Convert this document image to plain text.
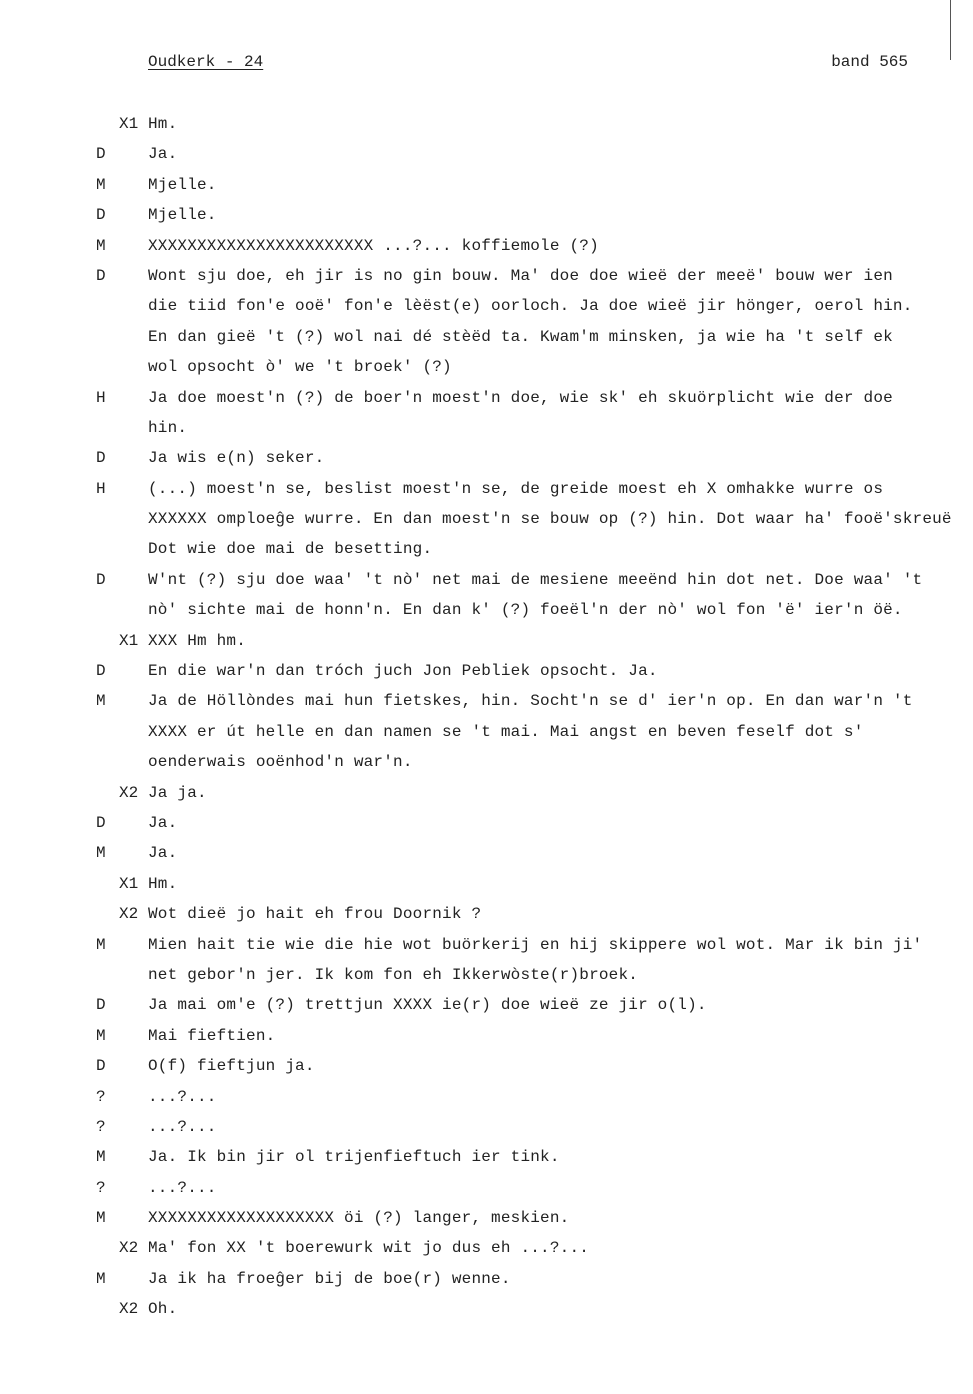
Oudkerk - 24	band 565
X1 Hm.
D	Ja.
M	Mjelle.
D	Mjelle.
M	XXXXXXXXXXXXXXXXXXXXXXX ...?... koffiemole (?)
D	Wont sju doe, eh jir is no gin bouw. Ma' doe doe wieë der meeë' bouw wer ien
die tiid fon'e ooë' fon'e lèëst(e) oorloch. Ja doe wieë jir hönger, oerol hin.
En dan gieë 't (?) wol nai dé stèëd ta. Kwam'm minsken, ja wie ha 't self ek
wol opsocht ò' we 't broek' (?)
H	Ja doe moest'n (?) de boer'n moest'n doe, wie sk' eh skuörplicht wie der doe
hin.
D	Ja wis e(n) seker.
H	(...) moest'n se, beslist moest'n se, de greide moest eh X omhakke wurre os
XXXXXX omploeĝe wurre. En dan moest'n se bouw op (?) hin. Dot waar ha' fooë'skreuë
Dot wie doe mai de besetting.
D	W'nt (?) sju doe waa' 't nò' net mai de mesiene meeënd hin dot net. Doe waa' 't
nò' sichte mai de honn'n. En dan k' (?) foeël'n der nò' wol fon 'ë' ier'n öë.
X1 XXX Hm hm.
D	En die war'n dan tróch juch Jon Pebliek opsocht. Ja.
M	Ja de Höllòndes mai hun fietskes, hin. Socht'n se d' ier'n op. En dan war'n 't
XXXX er út helle en dan namen se 't mai. Mai angst en beven feself dot s'
oenderwais ooënhod'n war'n.
X2 Ja ja.
D	Ja.
M	Ja.
X1 Hm.
X2 Wot dieë jo hait eh frou Doornik ?
M	Mien hait tie wie die hie wot buörkerij en hij skippere wol wot. Mar ik bin ji'
net gebor'n jer. Ik kom fon eh Ikkerwòste(r)broek.
D	Ja mai om'e (?) trettjun XXXX ie(r) doe wieë ze jir o(l).
M	Mai fieftien.
D	O(f) fieftjun ja.
?	...?...
?	...?...
M	Ja. Ik bin jir ol trijenfieftuch ier tink.
?	...?...
M	XXXXXXXXXXXXXXXXXXX öi (?) langer, meskien.
X2 Ma' fon XX 't boerewurk wit jo dus eh ...?...
M	Ja ik ha froeĝer bij de boe(r) wenne.
X2 Oh.
